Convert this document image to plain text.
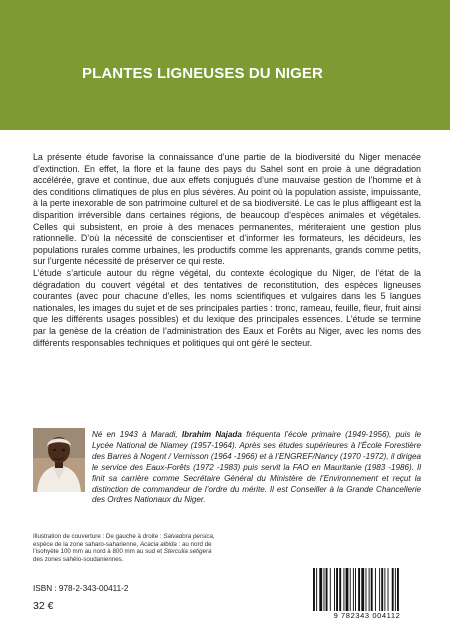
PLANTES LIGNEUSES DU NIGER

La présente étude favorise la connaissance d’une partie de la biodiversité du Niger menacée d’extinction. En effet, la flore et la faune des pays du Sahel sont en proie à une dégradation accélérée, grave et continue, due aux effets conjugués d’une mauvaise gestion de l’homme et à des conditions climatiques de plus en plus sévères. Au point où la population assiste, impuissante, à la perte inexorable de son patrimoine culturel et de sa biodiversité. Le cas le plus affligeant est la disparition irréversible dans certaines régions, de beaucoup d’espèces animales et végétales. Celles qui subsistent, en proie à des menaces permanentes, mériteraient une gestion plus rationnelle. D’où la nécessité de conscientiser et d’informer les formateurs, les décideurs, les populations rurales comme urbaines, les productifs comme les apprenants, grands comme petits, sur l’urgente nécessité de préserver ce qui reste.

L’étude s’articule autour du règne végétal, du contexte écologique du Niger, de l’état de la dégradation du couvert végétal et des tentatives de reconstitution, des espèces ligneuses courantes (avec pour chacune d’elles, les noms scientifiques et vulgaires dans les 5 langues nationales, les images du sujet et de ses principales parties : tronc, rameau, feuille, fleur, fruit ainsi que les différents usages possibles) et du lexique des principales essences. L’étude se termine par la genèse de la création de l’administration des Eaux et Forêts au Niger, avec les noms des différents responsables techniques et politiques qui ont géré le secteur.

Né en 1943 à Maradi, Ibrahim Najada fréquenta l’école primaire (1949-1956), puis le Lycée National de Niamey (1957-1964). Après ses études supérieures à l’École Forestière des Barres à Nogent / Vernisson (1964 -1966) et à l’ENGREF/Nancy (1970 -1972), il dirigea le service des Eaux-Forêts (1972 -1983) puis servit la FAO en Mauritanie (1983 -1986). Il finit sa carrière comme Secrétaire Général du Ministère de l’Environnement et reçut la distinction de commandeur de l’ordre du mérite. Il est Conseiller à la Grande Chancellerie des Ordres Nationaux du Niger.

Illustration de couverture : De gauche à droite : Salvadora persica, espèce de la zone saharo-saharienne, Acacia albida : au nord de l’isohyète 100 mm au nord à 800 mm au sud et Sterculia setigera des zones sahélo-soudaniennes.
ISBN : 978-2-343-00411-2
32 €
9 782343 004112
